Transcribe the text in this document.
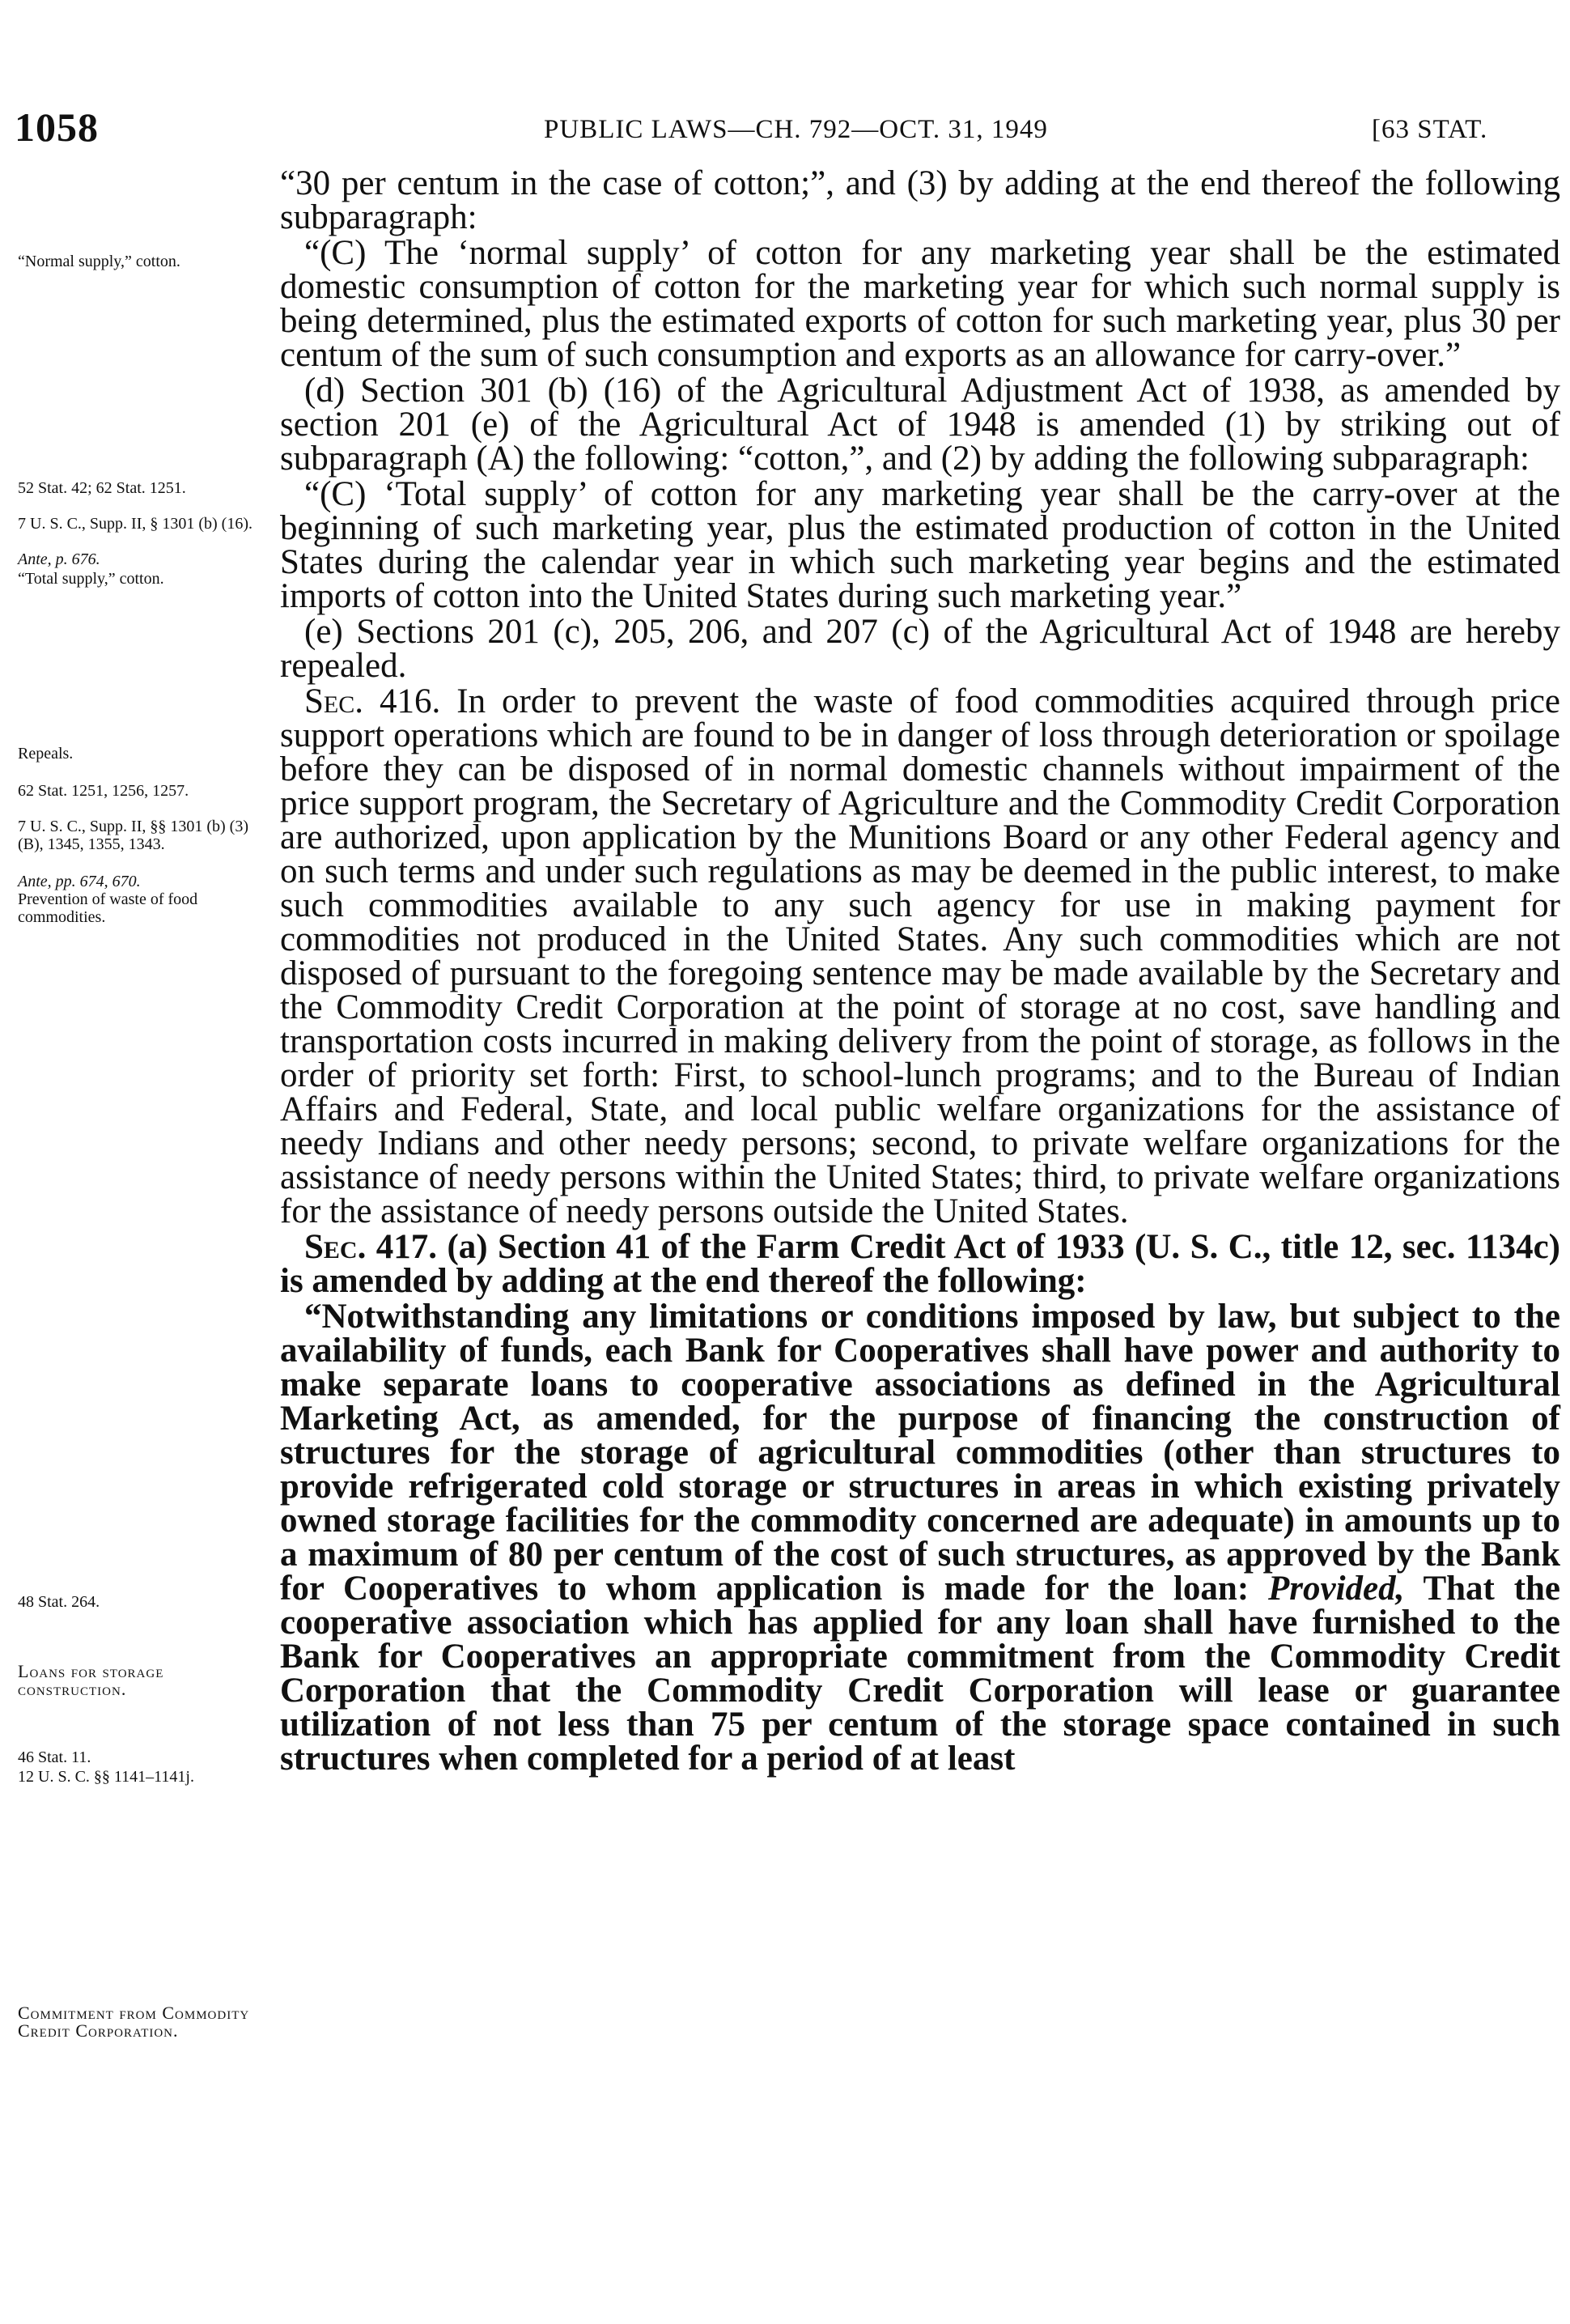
1058	PUBLIC LAWS—CH. 792—OCT. 31, 1949	[63 STAT.
“Normal supply,” cotton.
52 Stat. 42; 62 Stat. 1251.
7 U. S. C., Supp. II, § 1301 (b) (16).
Ante, p. 676.
“Total supply,” cotton.
Repeals.
62 Stat. 1251, 1256, 1257.
7 U. S. C., Supp. II, §§ 1301 (b) (3) (B), 1345, 1355, 1343.
Ante, pp. 674, 670.
Prevention of waste of food commodities.
48 Stat. 264.
Loans for storage construction.
46 Stat. 11.
12 U. S. C. §§ 1141–1141j.
Commitment from Commodity Credit Corporation.

“30 per centum in the case of cotton;”, and (3) by adding at the end thereof the following subparagraph:

“(C) The ‘normal supply’ of cotton for any marketing year shall be the estimated domestic consumption of cotton for the marketing year for which such normal supply is being determined, plus the estimated exports of cotton for such marketing year, plus 30 per centum of the sum of such consumption and exports as an allowance for carry-over.”

(d) Section 301 (b) (16) of the Agricultural Adjustment Act of 1938, as amended by section 201 (e) of the Agricultural Act of 1948 is amended (1) by striking out of subparagraph (A) the following: “cotton,”, and (2) by adding the following subparagraph:

“(C) ‘Total supply’ of cotton for any marketing year shall be the carry-over at the beginning of such marketing year, plus the estimated production of cotton in the United States during the calendar year in which such marketing year begins and the estimated imports of cotton into the United States during such marketing year.”

(e) Sections 201 (c), 205, 206, and 207 (c) of the Agricultural Act of 1948 are hereby repealed.

Sec. 416. In order to prevent the waste of food commodities acquired through price support operations which are found to be in danger of loss through deterioration or spoilage before they can be disposed of in normal domestic channels without impairment of the price support program, the Secretary of Agriculture and the Commodity Credit Corporation are authorized, upon application by the Munitions Board or any other Federal agency and on such terms and under such regulations as may be deemed in the public interest, to make such commodities available to any such agency for use in making payment for commodities not produced in the United States. Any such commodities which are not disposed of pursuant to the foregoing sentence may be made available by the Secretary and the Commodity Credit Corporation at the point of storage at no cost, save handling and transportation costs incurred in making delivery from the point of storage, as follows in the order of priority set forth: First, to school-lunch programs; and to the Bureau of Indian Affairs and Federal, State, and local public welfare organizations for the assistance of needy Indians and other needy persons; second, to private welfare organizations for the assistance of needy persons within the United States; third, to private welfare organizations for the assistance of needy persons outside the United States.

Sec. 417. (a) Section 41 of the Farm Credit Act of 1933 (U. S. C., title 12, sec. 1134c) is amended by adding at the end thereof the following:

“Notwithstanding any limitations or conditions imposed by law, but subject to the availability of funds, each Bank for Cooperatives shall have power and authority to make separate loans to cooperative associations as defined in the Agricultural Marketing Act, as amended, for the purpose of financing the construction of structures for the storage of agricultural commodities (other than structures to provide refrigerated cold storage or structures in areas in which existing privately owned storage facilities for the commodity concerned are adequate) in amounts up to a maximum of 80 per centum of the cost of such structures, as approved by the Bank for Cooperatives to whom application is made for the loan: Provided, That the cooperative association which has applied for any loan shall have furnished to the Bank for Cooperatives an appropriate commitment from the Commodity Credit Corporation that the Commodity Credit Corporation will lease or guarantee utilization of not less than 75 per centum of the storage space contained in such structures when completed for a period of at least
